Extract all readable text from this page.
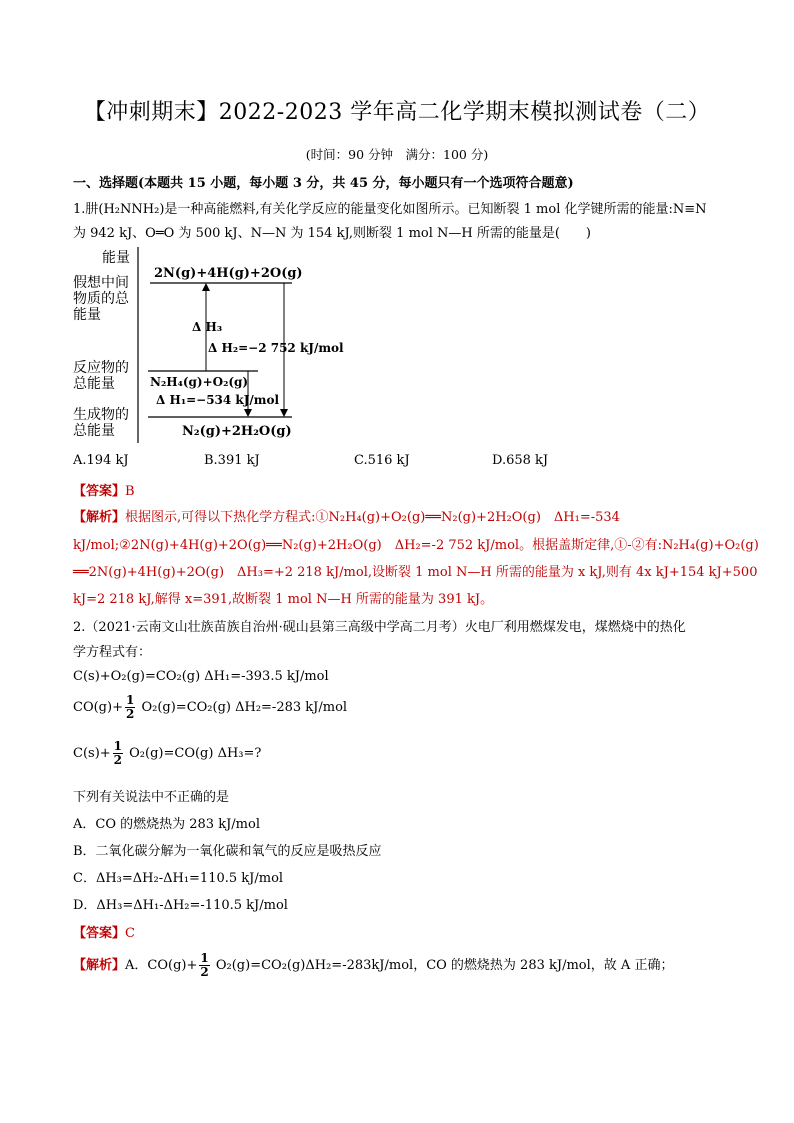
【冲刺期末】2022-2023 学年高二化学期末模拟测试卷（二）
(时间：90 分钟　满分：100 分)
一、选择题(本题共 15 小题，每小题 3 分，共 45 分，每小题只有一个选项符合题意)
1.肼(H₂NNH₂)是一种高能燃料,有关化学反应的能量变化如图所示。已知断裂 1 mol 化学键所需的能量:N≡N
为 942 kJ、O═O 为 500 kJ、N—N 为 154 kJ,则断裂 1 mol N—H 所需的能量是(　　)
能量
假想中间
物质的总
能量
反应物的
总能量
生成物的
总能量
2N(g)+4H(g)+2O(g)
N₂H₄(g)+O₂(g)
N₂(g)+2H₂O(g)
Δ H₃
Δ H₂=−2 752 kJ/mol
Δ H₁=−534 kJ/mol
A.194 kJ	B.391 kJ	C.516 kJ	D.658 kJ
【答案】B
【解析】根据图示,可得以下热化学方程式:①N₂H₄(g)+O₂(g)══N₂(g)+2H₂O(g)　ΔH₁=-534
kJ/mol;②2N(g)+4H(g)+2O(g)══N₂(g)+2H₂O(g)　ΔH₂=-2 752 kJ/mol。根据盖斯定律,①-②有:N₂H₄(g)+O₂(g)
══2N(g)+4H(g)+2O(g)　ΔH₃=+2 218 kJ/mol,设断裂 1 mol N—H 所需的能量为 x kJ,则有 4x kJ+154 kJ+500
kJ=2 218 kJ,解得 x=391,故断裂 1 mol N—H 所需的能量为 391 kJ。
2.（2021·云南文山壮族苗族自治州·砚山县第三高级中学高二月考）火电厂利用燃煤发电，煤燃烧中的热化
学方程式有：
C(s)+O₂(g)=CO₂(g) ΔH₁=-393.5 kJ/mol
$CO(g)+ \frac{1}{2} O_2(g)=CO_2(g)$ ΔH₂=-283 kJ/mol
$C(s)+ \frac{1}{2} O_2(g)=CO(g)$ ΔH₃=?
下列有关说法中不正确的是
A．CO 的燃烧热为 283 kJ/mol
B．二氧化碳分解为一氧化碳和氧气的反应是吸热反应
C．ΔH₃=ΔH₂-ΔH₁=110.5 kJ/mol
D．ΔH₃=ΔH₁-ΔH₂=-110.5 kJ/mol
【答案】C
【解析】A．$CO(g)+ \frac{1}{2} O_2(g)=CO_2(g)\Delta H_2=-283kJ/mol$，CO 的燃烧热为 283 kJ/mol，故 A 正确；
